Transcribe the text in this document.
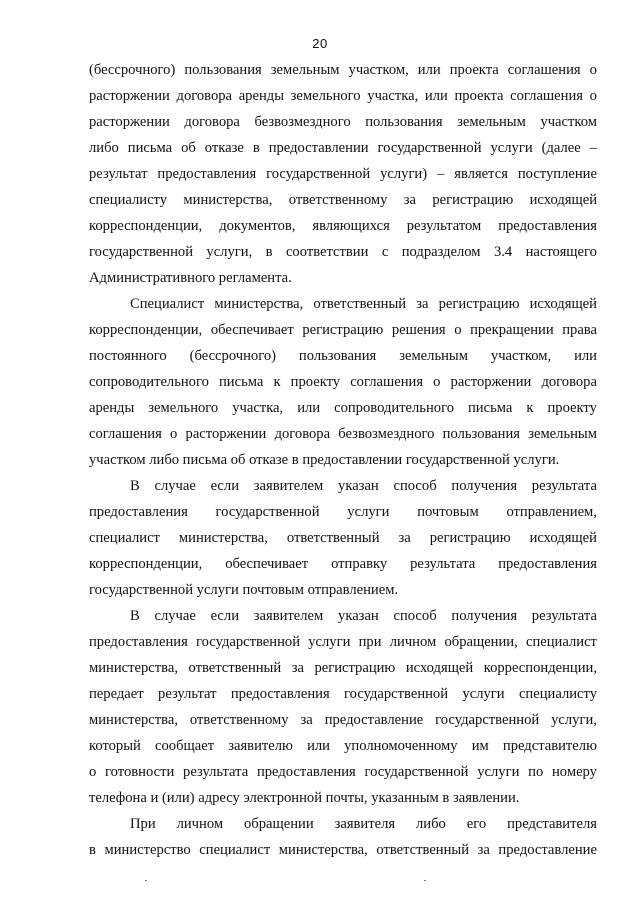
20
(бессрочного) пользования земельным участком, или проекта соглашения о
расторжении договора аренды земельного участка, или проекта соглашения о
расторжении договора безвозмездного пользования земельным участком
либо письма об отказе в предоставлении государственной услуги (далее –
результат предоставления государственной услуги) – является поступление
специалисту министерства, ответственному за регистрацию исходящей
корреспонденции, документов, являющихся результатом предоставления
государственной услуги, в соответствии с подразделом 3.4 настоящего
Административного регламента.
Специалист министерства, ответственный за регистрацию исходящей
корреспонденции, обеспечивает регистрацию решения о прекращении права
постоянного (бессрочного) пользования земельным участком, или
сопроводительного письма к проекту соглашения о расторжении договора
аренды земельного участка, или сопроводительного письма к проекту
соглашения о расторжении договора безвозмездного пользования земельным
участком либо письма об отказе в предоставлении государственной услуги.
В случае если заявителем указан способ получения результата
предоставления государственной услуги почтовым отправлением,
специалист министерства, ответственный за регистрацию исходящей
корреспонденции, обеспечивает отправку результата предоставления
государственной услуги почтовым отправлением.
В случае если заявителем указан способ получения результата
предоставления государственной услуги при личном обращении, специалист
министерства, ответственный за регистрацию исходящей корреспонденции,
передает результат предоставления государственной услуги специалисту
министерства, ответственному за предоставление государственной услуги,
который сообщает заявителю или уполномоченному им представителю
о готовности результата предоставления государственной услуги по номеру
телефона и (или) адресу электронной почты, указанным в заявлении.
При личном обращении заявителя либо его представителя
в министерство специалист министерства, ответственный за предоставление
